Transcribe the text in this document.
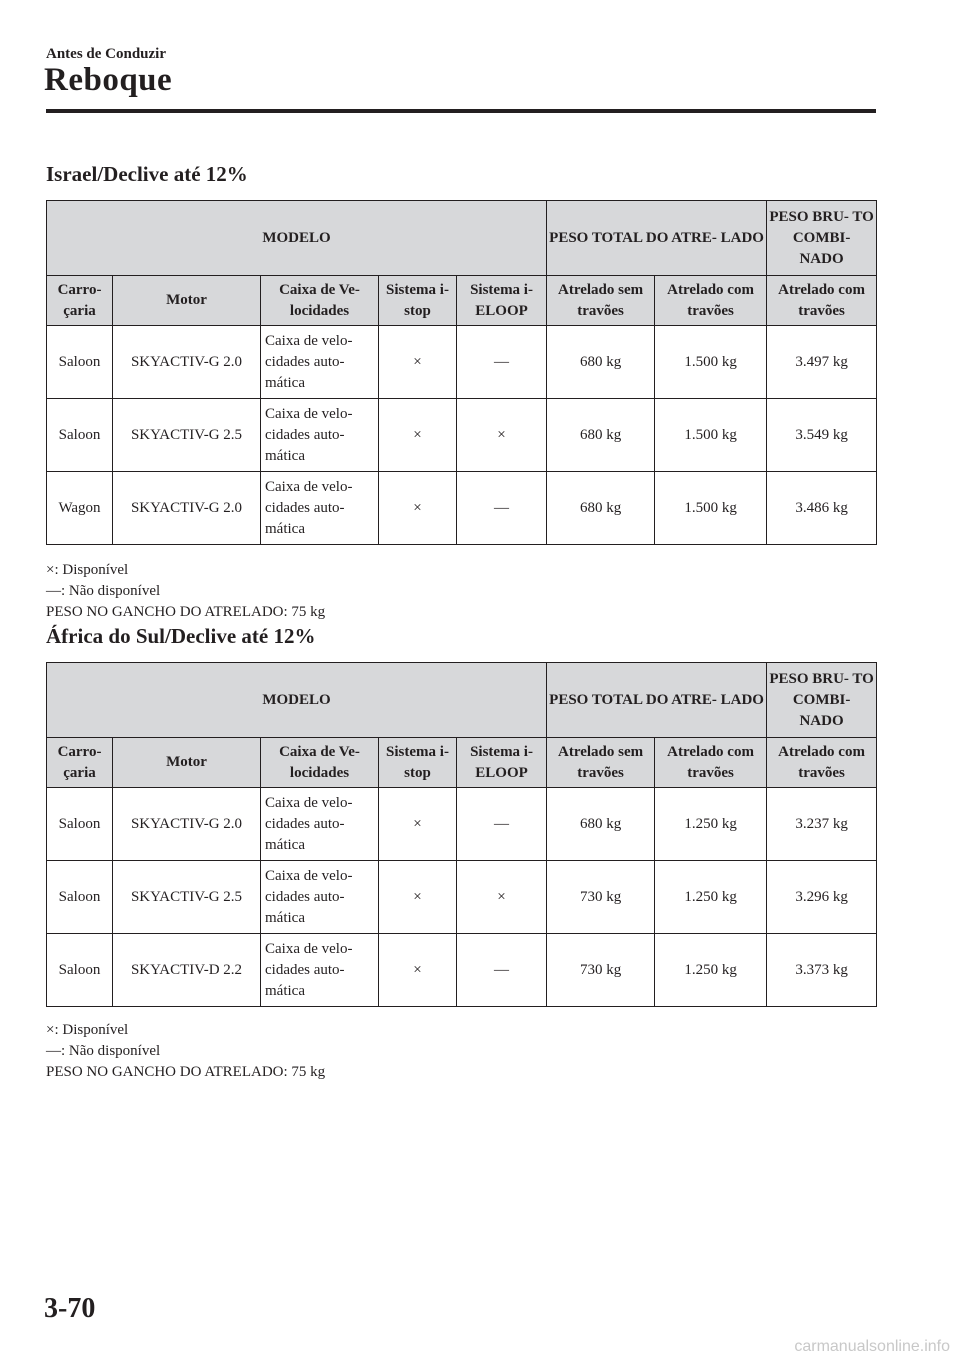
Antes de Conduzir
Reboque
Israel/Declive até 12%
MODELO					PESO TOTAL DO ATRE- LADO		PESO BRU- TO COMBI- NADO
Carro- çaria	Motor	Caixa de Ve- locidades	Sistema i-stop	Sistema i-ELOOP	Atrelado sem travões	Atrelado com travões	Atrelado com travões
Saloon	SKYACTIV-G 2.0	Caixa de velo- cidades auto- mática	×	—	680 kg	1.500 kg	3.497 kg
Saloon	SKYACTIV-G 2.5	Caixa de velo- cidades auto- mática	×	×	680 kg	1.500 kg	3.549 kg
Wagon	SKYACTIV-G 2.0	Caixa de velo- cidades auto- mática	×	—	680 kg	1.500 kg	3.486 kg
×: Disponível
—: Não disponível
PESO NO GANCHO DO ATRELADO: 75 kg
África do Sul/Declive até 12%
MODELO					PESO TOTAL DO ATRE- LADO		PESO BRU- TO COMBI- NADO
Carro- çaria	Motor	Caixa de Ve- locidades	Sistema i-stop	Sistema i-ELOOP	Atrelado sem travões	Atrelado com travões	Atrelado com travões
Saloon	SKYACTIV-G 2.0	Caixa de velo- cidades auto- mática	×	—	680 kg	1.250 kg	3.237 kg
Saloon	SKYACTIV-G 2.5	Caixa de velo- cidades auto- mática	×	×	730 kg	1.250 kg	3.296 kg
Saloon	SKYACTIV-D 2.2	Caixa de velo- cidades auto- mática	×	—	730 kg	1.250 kg	3.373 kg
×: Disponível
—: Não disponível
PESO NO GANCHO DO ATRELADO: 75 kg
3-70
carmanualsonline.info
